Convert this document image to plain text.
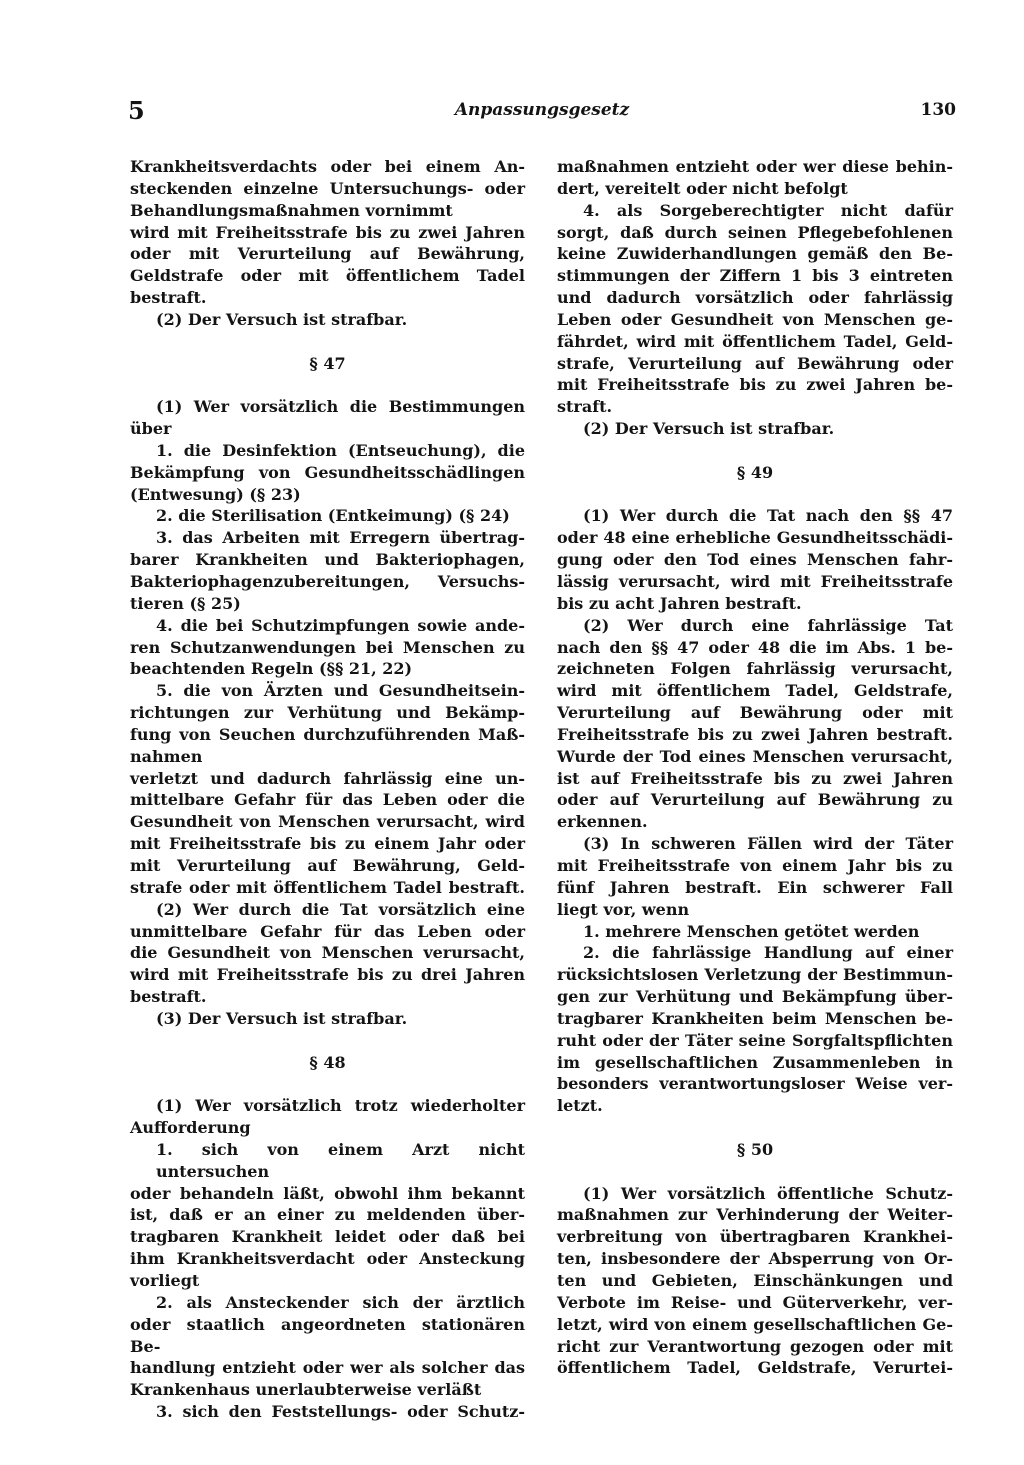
5	Anpassungsgesetz	130

Krankheitsverdachts oder bei einem An-

steckenden einzelne Untersuchungs- oder

Behandlungsmaßnahmen vornimmt

wird mit Freiheitsstrafe bis zu zwei Jahren

oder mit Verurteilung auf Bewährung,

Geldstrafe oder mit öffentlichem Tadel

bestraft.

(2) Der Versuch ist strafbar.

§ 47

(1) Wer vorsätzlich die Bestimmungen

über

1. die Desinfektion (Entseuchung), die

Bekämpfung von Gesundheitsschädlingen

(Entwesung) (§ 23)

2. die Sterilisation (Entkeimung) (§ 24)

3. das Arbeiten mit Erregern übertrag-

barer Krankheiten und Bakteriophagen,

Bakteriophagenzubereitungen, Versuchs-

tieren (§ 25)

4. die bei Schutzimpfungen sowie ande-

ren Schutzanwendungen bei Menschen zu

beachtenden Regeln (§§ 21, 22)

5. die von Ärzten und Gesundheitsein-

richtungen zur Verhütung und Bekämp-

fung von Seuchen durchzuführenden Maß-

nahmen

verletzt und dadurch fahrlässig eine un-

mittelbare Gefahr für das Leben oder die

Gesundheit von Menschen verursacht, wird

mit Freiheitsstrafe bis zu einem Jahr oder

mit Verurteilung auf Bewährung, Geld-

strafe oder mit öffentlichem Tadel bestraft.

(2) Wer durch die Tat vorsätzlich eine

unmittelbare Gefahr für das Leben oder

die Gesundheit von Menschen verursacht,

wird mit Freiheitsstrafe bis zu drei Jahren

bestraft.

(3) Der Versuch ist strafbar.

§ 48

(1) Wer vorsätzlich trotz wiederholter

Aufforderung

1. sich von einem Arzt nicht untersuchen

oder behandeln läßt, obwohl ihm bekannt

ist, daß er an einer zu meldenden über-

tragbaren Krankheit leidet oder daß bei

ihm Krankheitsverdacht oder Ansteckung

vorliegt

2. als Ansteckender sich der ärztlich

oder staatlich angeordneten stationären Be-

handlung entzieht oder wer als solcher das

Krankenhaus unerlaubterweise verläßt

3. sich den Feststellungs- oder Schutz-

maßnahmen entzieht oder wer diese behin-

dert, vereitelt oder nicht befolgt

4. als Sorgeberechtigter nicht dafür

sorgt, daß durch seinen Pflegebefohlenen

keine Zuwiderhandlungen gemäß den Be-

stimmungen der Ziffern 1 bis 3 eintreten

und dadurch vorsätzlich oder fahrlässig

Leben oder Gesundheit von Menschen ge-

fährdet, wird mit öffentlichem Tadel, Geld-

strafe, Verurteilung auf Bewährung oder

mit Freiheitsstrafe bis zu zwei Jahren be-

straft.

(2) Der Versuch ist strafbar.

§ 49

(1) Wer durch die Tat nach den §§ 47

oder 48 eine erhebliche Gesundheitsschädi-

gung oder den Tod eines Menschen fahr-

lässig verursacht, wird mit Freiheitsstrafe

bis zu acht Jahren bestraft.

(2) Wer durch eine fahrlässige Tat

nach den §§ 47 oder 48 die im Abs. 1 be-

zeichneten Folgen fahrlässig verursacht,

wird mit öffentlichem Tadel, Geldstrafe,

Verurteilung auf Bewährung oder mit

Freiheitsstrafe bis zu zwei Jahren bestraft.

Wurde der Tod eines Menschen verursacht,

ist auf Freiheitsstrafe bis zu zwei Jahren

oder auf Verurteilung auf Bewährung zu

erkennen.

(3) In schweren Fällen wird der Täter

mit Freiheitsstrafe von einem Jahr bis zu

fünf Jahren bestraft. Ein schwerer Fall

liegt vor, wenn

1. mehrere Menschen getötet werden

2. die fahrlässige Handlung auf einer

rücksichtslosen Verletzung der Bestimmun-

gen zur Verhütung und Bekämpfung über-

tragbarer Krankheiten beim Menschen be-

ruht oder der Täter seine Sorgfaltspflichten

im gesellschaftlichen Zusammenleben in

besonders verantwortungsloser Weise ver-

letzt.

§ 50

(1) Wer vorsätzlich öffentliche Schutz-

maßnahmen zur Verhinderung der Weiter-

verbreitung von übertragbaren Krankhei-

ten, insbesondere der Absperrung von Or-

ten und Gebieten, Einschänkungen und

Verbote im Reise- und Güterverkehr, ver-

letzt, wird von einem gesellschaftlichen Ge-

richt zur Verantwortung gezogen oder mit

öffentlichem Tadel, Geldstrafe, Verurtei-
